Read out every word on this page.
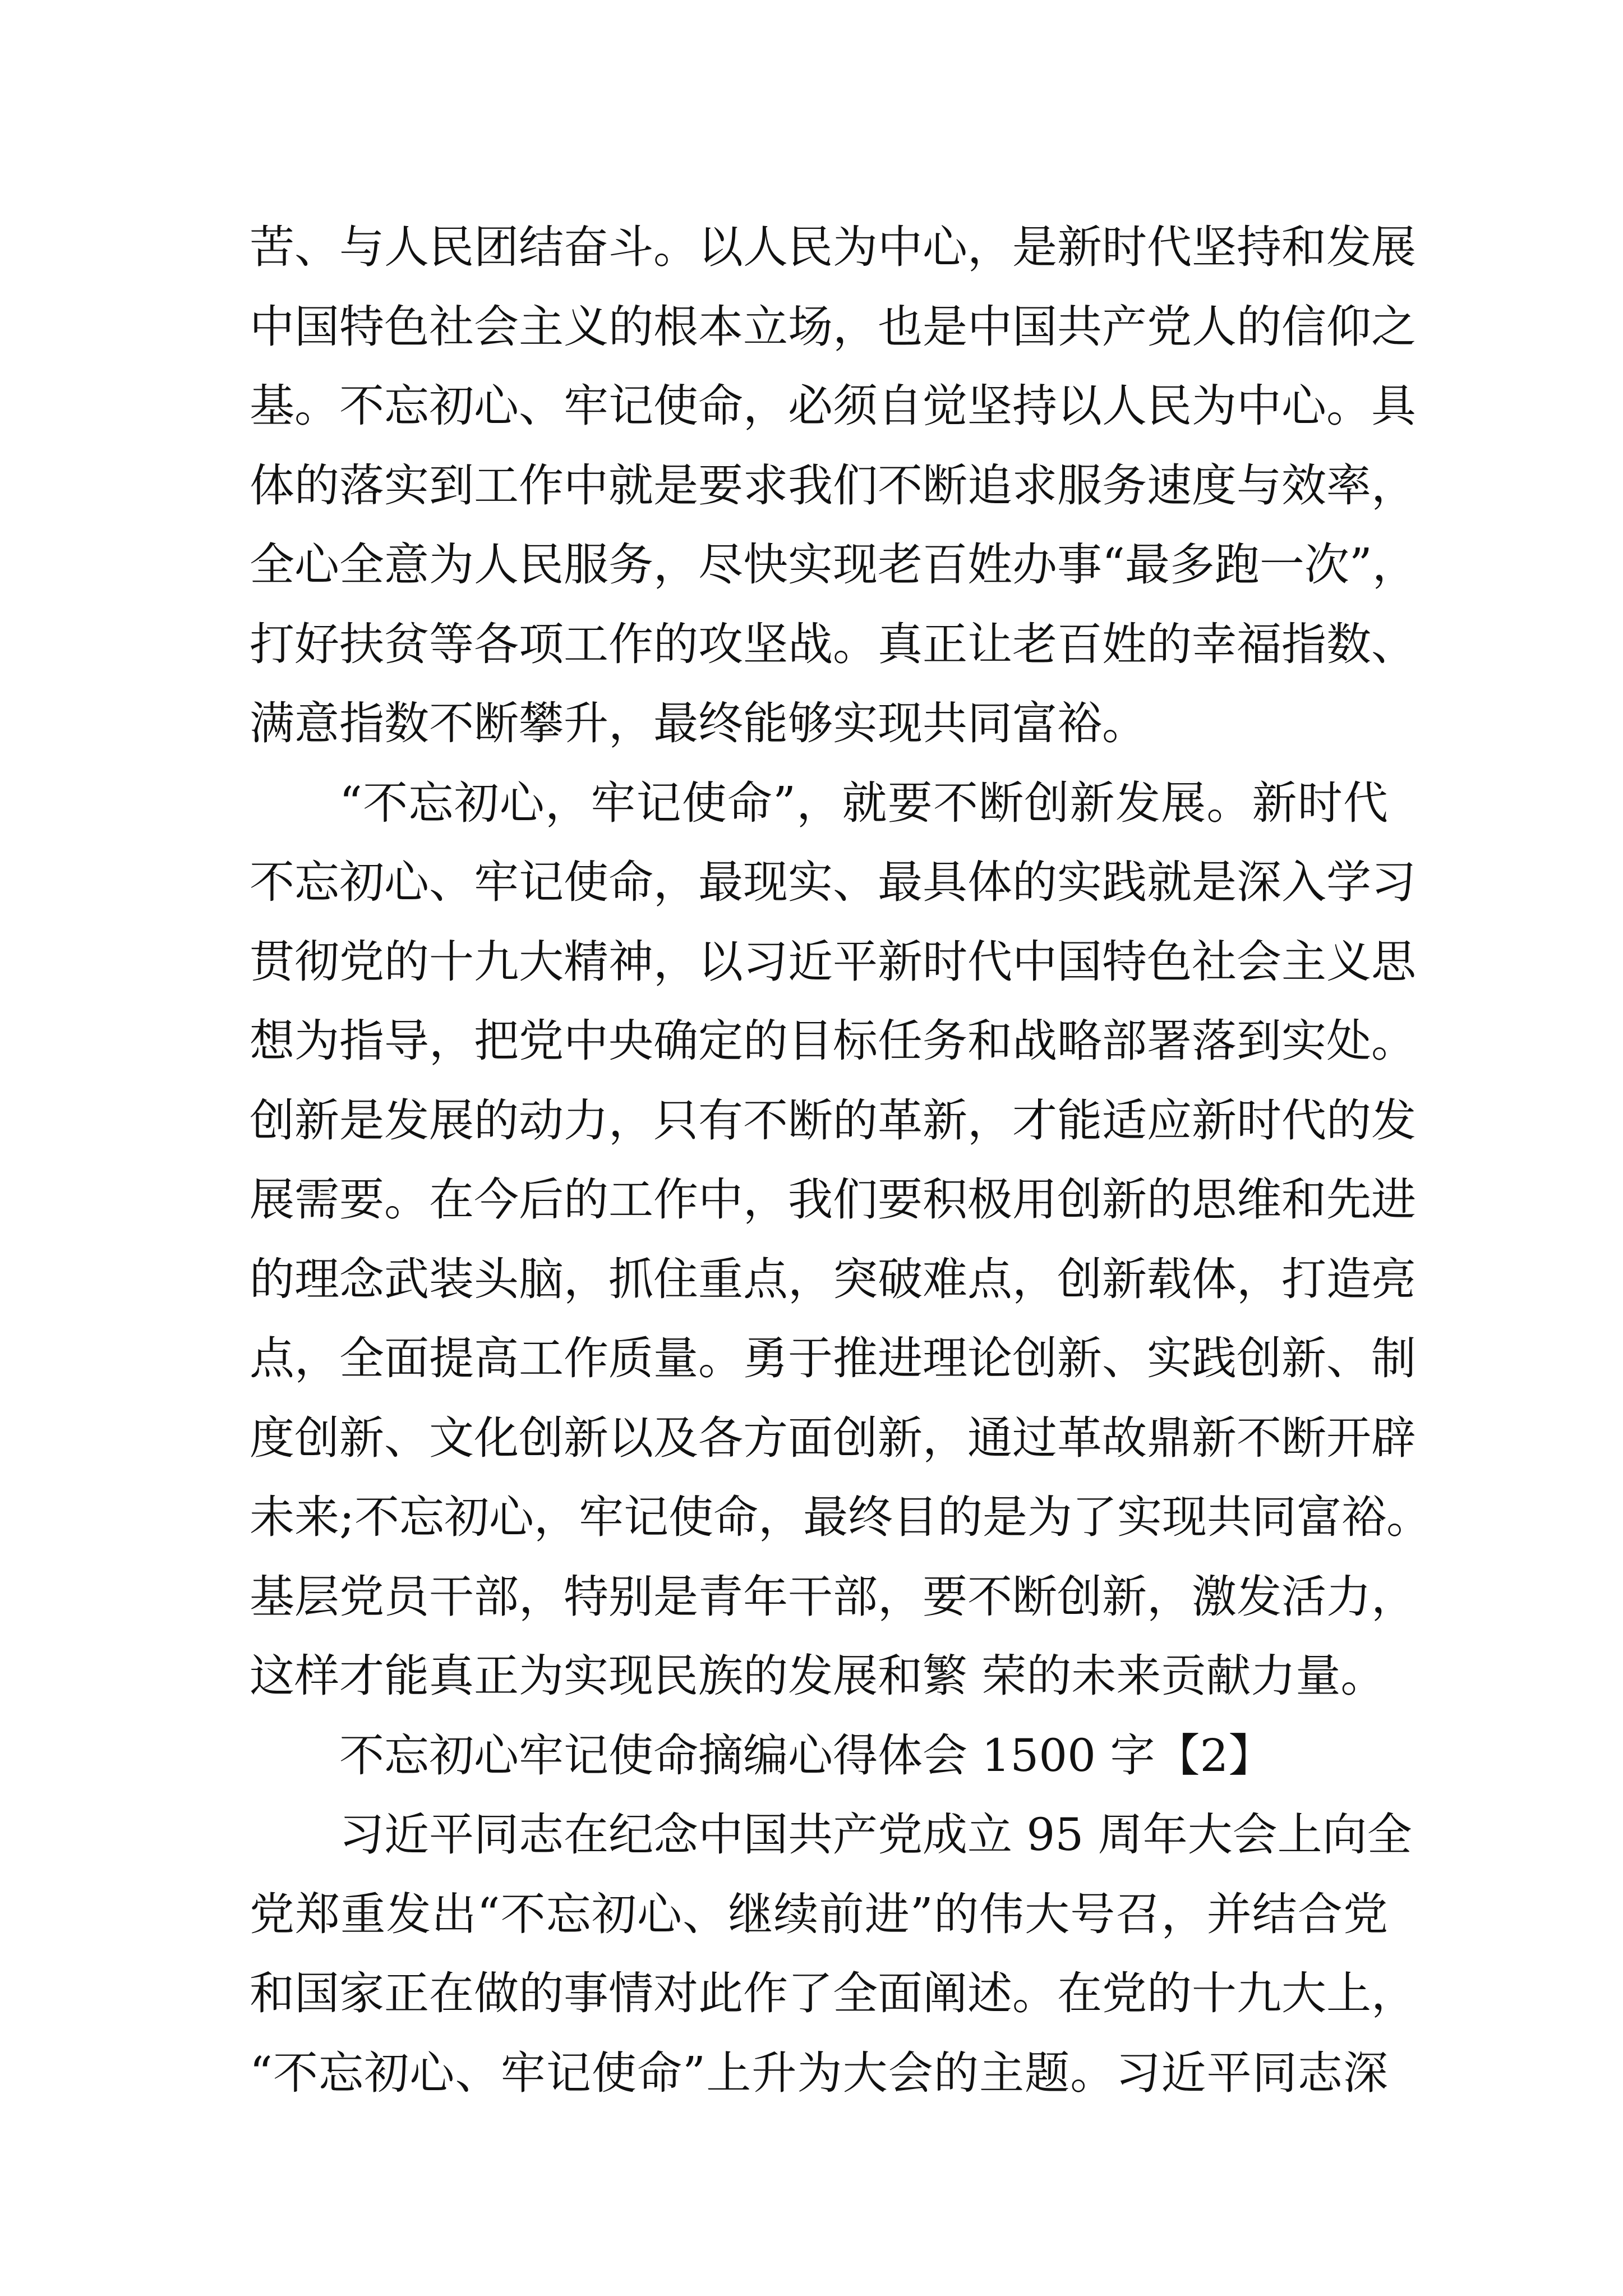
苦、与人民团结奋斗。以人民为中心，是新时代坚持和发展
中国特色社会主义的根本立场，也是中国共产党人的信仰之
基。不忘初心、牢记使命，必须自觉坚持以人民为中心。具
体的落实到工作中就是要求我们不断追求服务速度与效率，
全心全意为人民服务，尽快实现老百姓办事“最多跑一次”，
打好扶贫等各项工作的攻坚战。真正让老百姓的幸福指数、
满意指数不断攀升，最终能够实现共同富裕。
“不忘初心，牢记使命”，就要不断创新发展。新时代
不忘初心、牢记使命，最现实、最具体的实践就是深入学习
贯彻党的十九大精神，以习近平新时代中国特色社会主义思
想为指导，把党中央确定的目标任务和战略部署落到实处。
创新是发展的动力，只有不断的革新，才能适应新时代的发
展需要。在今后的工作中，我们要积极用创新的思维和先进
的理念武装头脑，抓住重点，突破难点，创新载体，打造亮
点，全面提高工作质量。勇于推进理论创新、实践创新、制
度创新、文化创新以及各方面创新，通过革故鼎新不断开辟
未来;不忘初心，牢记使命，最终目的是为了实现共同富裕。
基层党员干部，特别是青年干部，要不断创新，激发活力，
这样才能真正为实现民族的发展和繁 荣的未来贡献力量。
不忘初心牢记使命摘编心得体会 1500 字【2】
习近平同志在纪念中国共产党成立 95 周年大会上向全
党郑重发出“不忘初心、继续前进”的伟大号召，并结合党
和国家正在做的事情对此作了全面阐述。在党的十九大上，
“不忘初心、牢记使命”上升为大会的主题。习近平同志深
